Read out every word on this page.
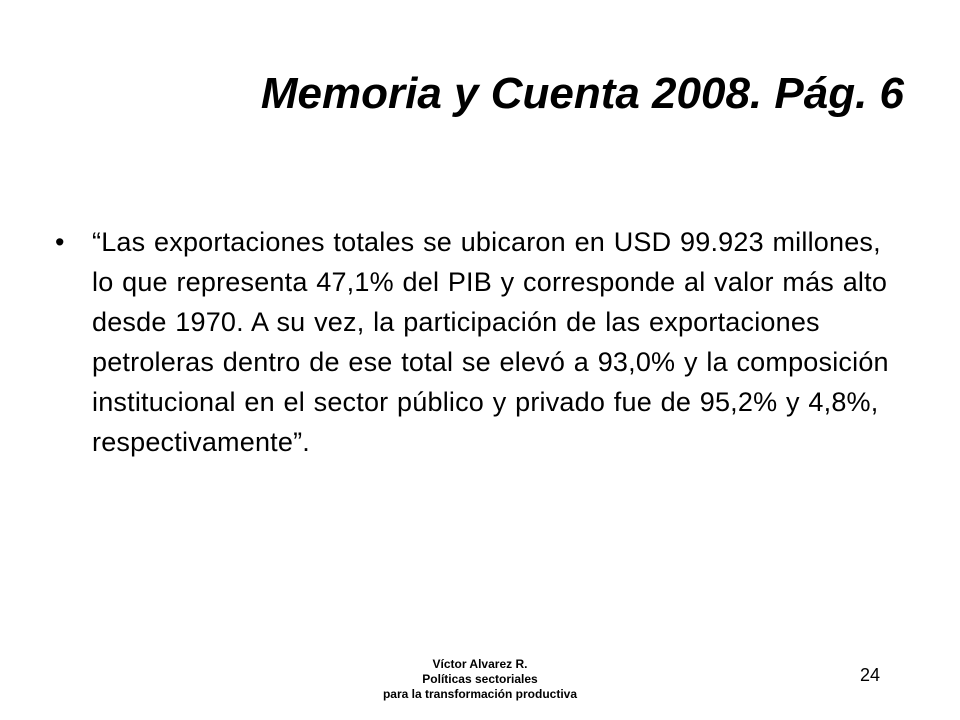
Memoria y Cuenta 2008. Pág. 6
• “Las exportaciones totales se ubicaron en USD 99.923 millones, lo que representa 47,1% del PIB y corresponde al valor más alto desde 1970. A su vez, la participación de las exportaciones petroleras dentro de ese total se elevó a 93,0% y la composición institucional en el sector público y privado fue de 95,2% y 4,8%, respectivamente”.
Víctor Alvarez R.
Políticas sectoriales
para la transformación productiva
24
